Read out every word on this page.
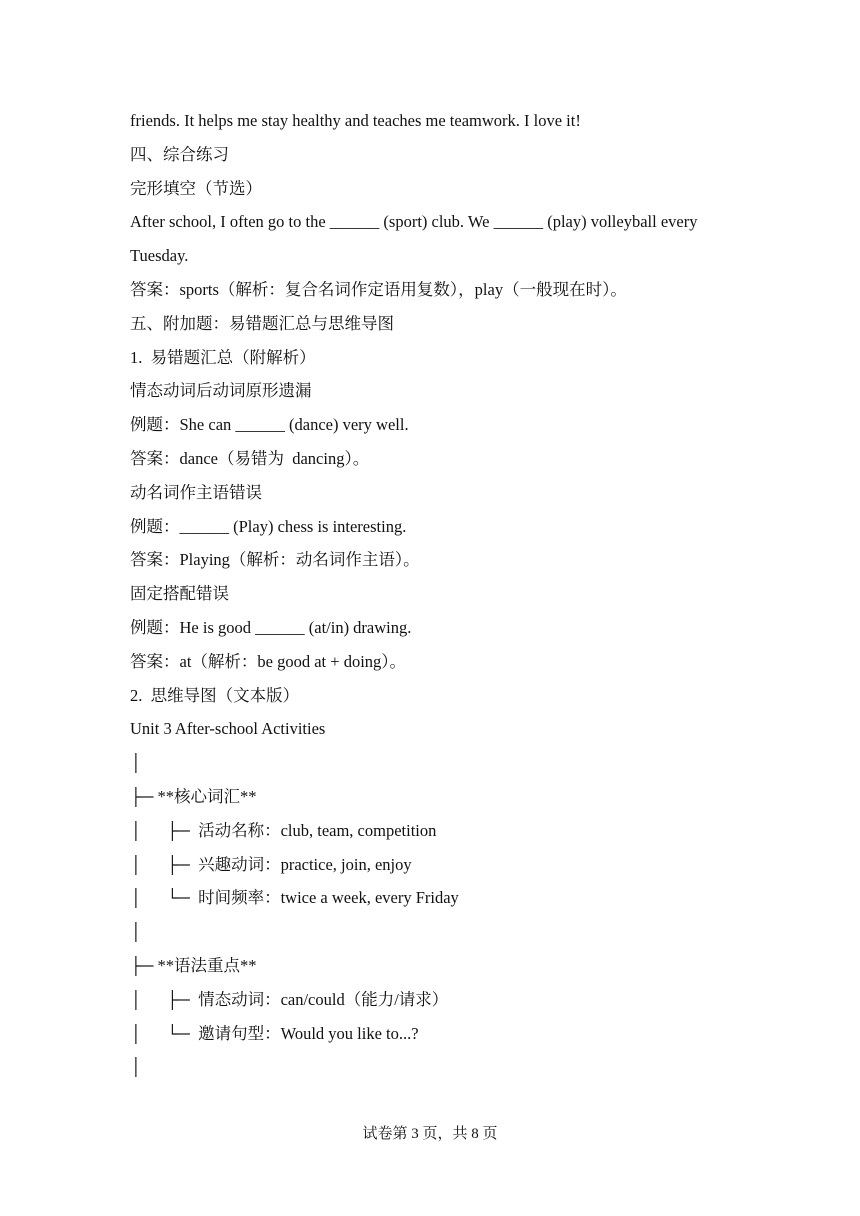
friends. It helps me stay healthy and teaches me teamwork. I love it!
四、综合练习
完形填空（节选）
After school, I often go to the ______ (sport) club. We ______ (play) volleyball every
Tuesday.
答案：sports（解析：复合名词作定语用复数），play（一般现在时）。
五、附加题：易错题汇总与思维导图
1.  易错题汇总（附解析）
情态动词后动词原形遗漏
例题：She can ______ (dance) very well.
答案：dance（易错为  dancing）。
动名词作主语错误
例题：______ (Play) chess is interesting.
答案：Playing（解析：动名词作主语）。
固定搭配错误
例题：He is good ______ (at/in) drawing.
答案：at（解析：be good at + doing）。
2.  思维导图（文本版）
Unit 3 After-school Activities
│
├─ **核心词汇**
│      ├─  活动名称：club, team, competition
│      ├─  兴趣动词：practice, join, enjoy
│      └─  时间频率：twice a week, every Friday
│
├─ **语法重点**
│      ├─  情态动词：can/could（能力/请求）
│      └─  邀请句型：Would you like to...?
│
试卷第 3 页，共 8 页
